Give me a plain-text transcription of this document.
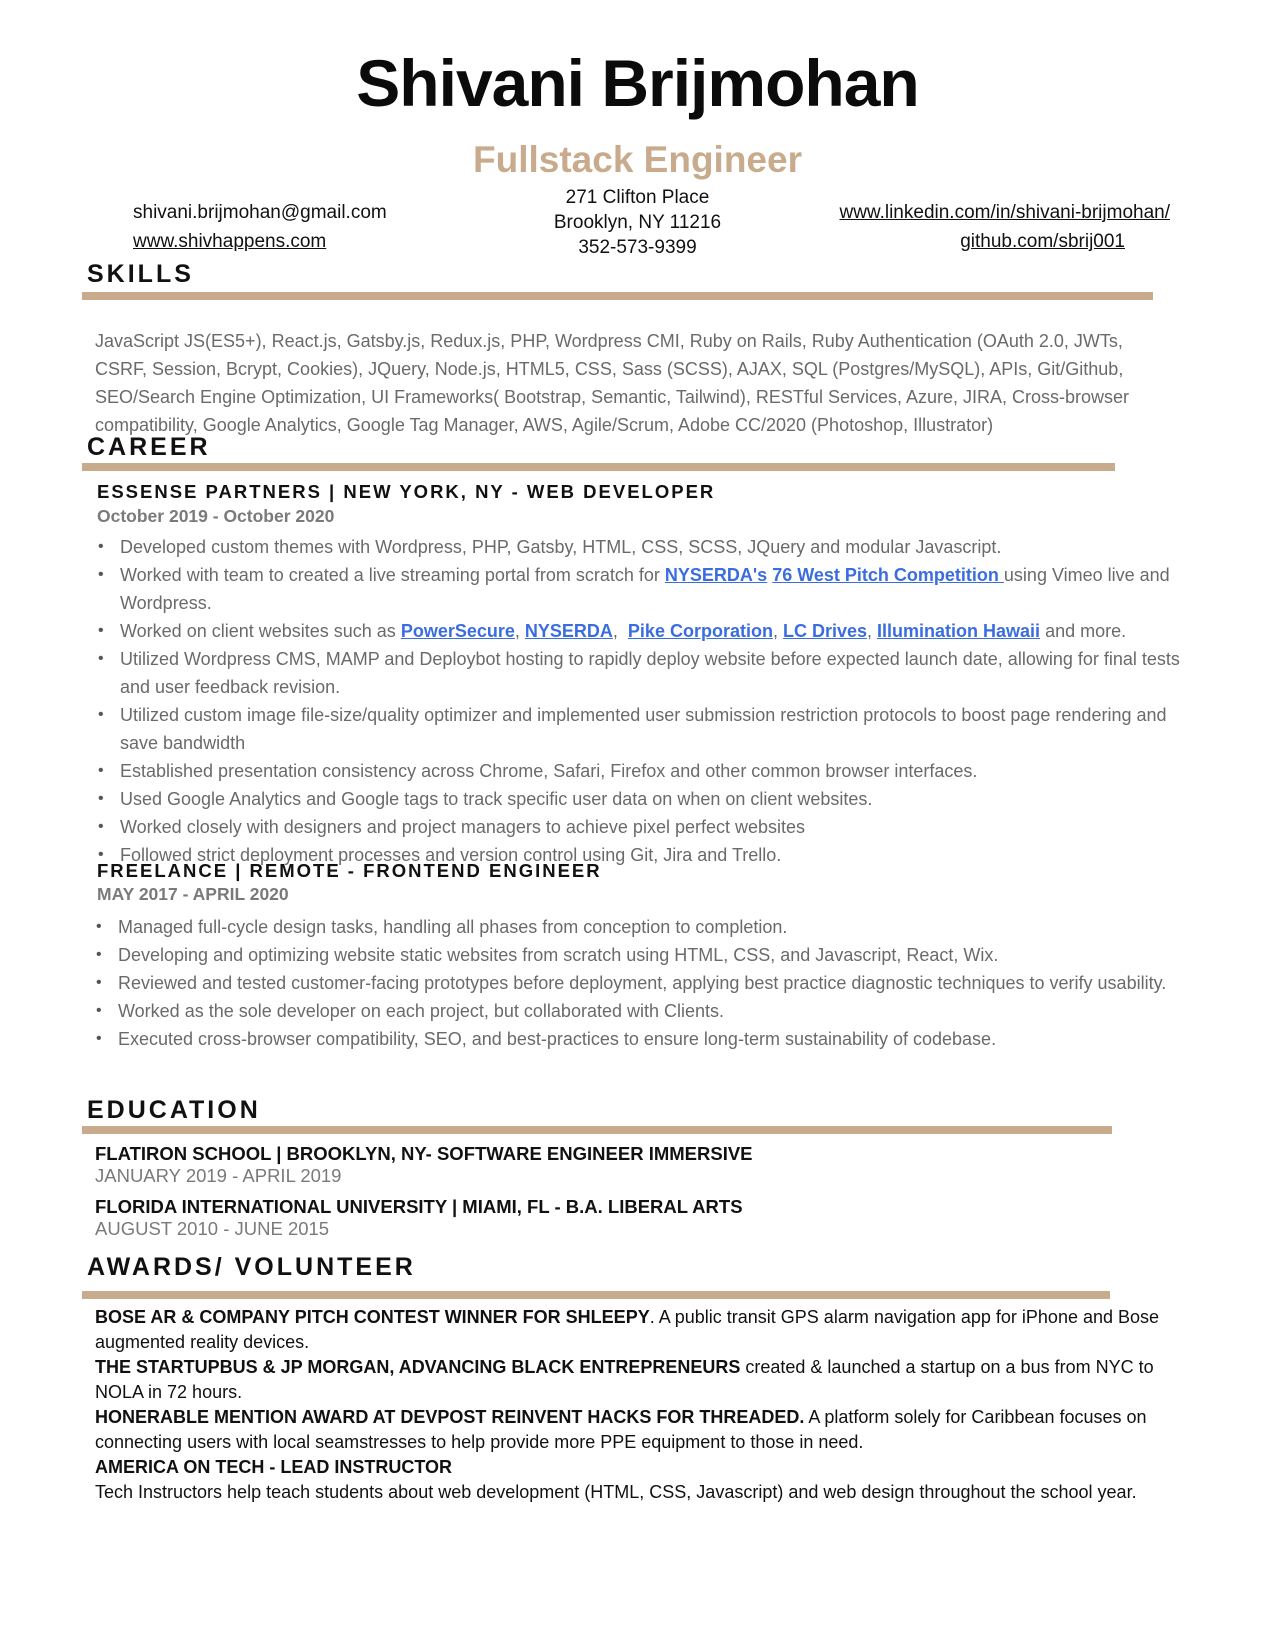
Shivani Brijmohan
Fullstack Engineer
shivani.brijmohan@gmail.com
www.shivhappens.com
271 Clifton Place
Brooklyn, NY 11216
352-573-9399
www.linkedin.com/in/shivani-brijmohan/
github.com/sbrij001
SKILLS
JavaScript JS(ES5+), React.js, Gatsby.js, Redux.js, PHP, Wordpress CMI, Ruby on Rails, Ruby Authentication (OAuth 2.0, JWTs, CSRF, Session, Bcrypt, Cookies), JQuery, Node.js, HTML5, CSS, Sass (SCSS), AJAX, SQL (Postgres/MySQL), APIs, Git/Github, SEO/Search Engine Optimization, UI Frameworks( Bootstrap, Semantic, Tailwind), RESTful Services, Azure, JIRA, Cross-browser compatibility, Google Analytics, Google Tag Manager, AWS, Agile/Scrum, Adobe CC/2020 (Photoshop, Illustrator)
CAREER
ESSENSE PARTNERS | NEW YORK, NY - WEB DEVELOPER
October 2019 - October 2020
• Developed custom themes with Wordpress, PHP, Gatsby, HTML, CSS, SCSS, JQuery and modular Javascript.
• Worked with team to created a live streaming portal from scratch for NYSERDA's 76 West Pitch Competition using Vimeo live and Wordpress.
• Worked on client websites such as PowerSecure, NYSERDA,  Pike Corporation, LC Drives, Illumination Hawaii and more.
• Utilized Wordpress CMS, MAMP and Deploybot hosting to rapidly deploy website before expected launch date, allowing for final tests and user feedback revision.
• Utilized custom image file-size/quality optimizer and implemented user submission restriction protocols to boost page rendering and save bandwidth
• Established presentation consistency across Chrome, Safari, Firefox and other common browser interfaces.
• Used Google Analytics and Google tags to track specific user data on when on client websites.
• Worked closely with designers and project managers to achieve pixel perfect websites
• Followed strict deployment processes and version control using Git, Jira and Trello.
FREELANCE | REMOTE - FRONTEND ENGINEER
MAY 2017 - APRIL 2020
• Managed full-cycle design tasks, handling all phases from conception to completion.
• Developing and optimizing website static websites from scratch using HTML, CSS, and Javascript, React, Wix.
• Reviewed and tested customer-facing prototypes before deployment, applying best practice diagnostic techniques to verify usability.
• Worked as the sole developer on each project, but collaborated with Clients.
• Executed cross-browser compatibility, SEO, and best-practices to ensure long-term sustainability of codebase.
EDUCATION
FLATIRON SCHOOL | BROOKLYN, NY- SOFTWARE ENGINEER IMMERSIVE
JANUARY 2019 - APRIL 2019
FLORIDA INTERNATIONAL UNIVERSITY | MIAMI, FL - B.A. LIBERAL ARTS
AUGUST 2010 - JUNE 2015
AWARDS/ VOLUNTEER

BOSE AR & COMPANY PITCH CONTEST WINNER FOR SHLEEPY. A public transit GPS alarm navigation app for iPhone and Bose augmented reality devices.

THE STARTUPBUS & JP MORGAN, ADVANCING BLACK ENTREPRENEURS created & launched a startup on a bus from NYC to NOLA in 72 hours.

HONERABLE MENTION AWARD AT DEVPOST REINVENT HACKS FOR THREADED. A platform solely for Caribbean focuses on connecting users with local seamstresses to help provide more PPE equipment to those in need.

AMERICA ON TECH - LEAD INSTRUCTOR

Tech Instructors help teach students about web development (HTML, CSS, Javascript) and web design throughout the school year.
